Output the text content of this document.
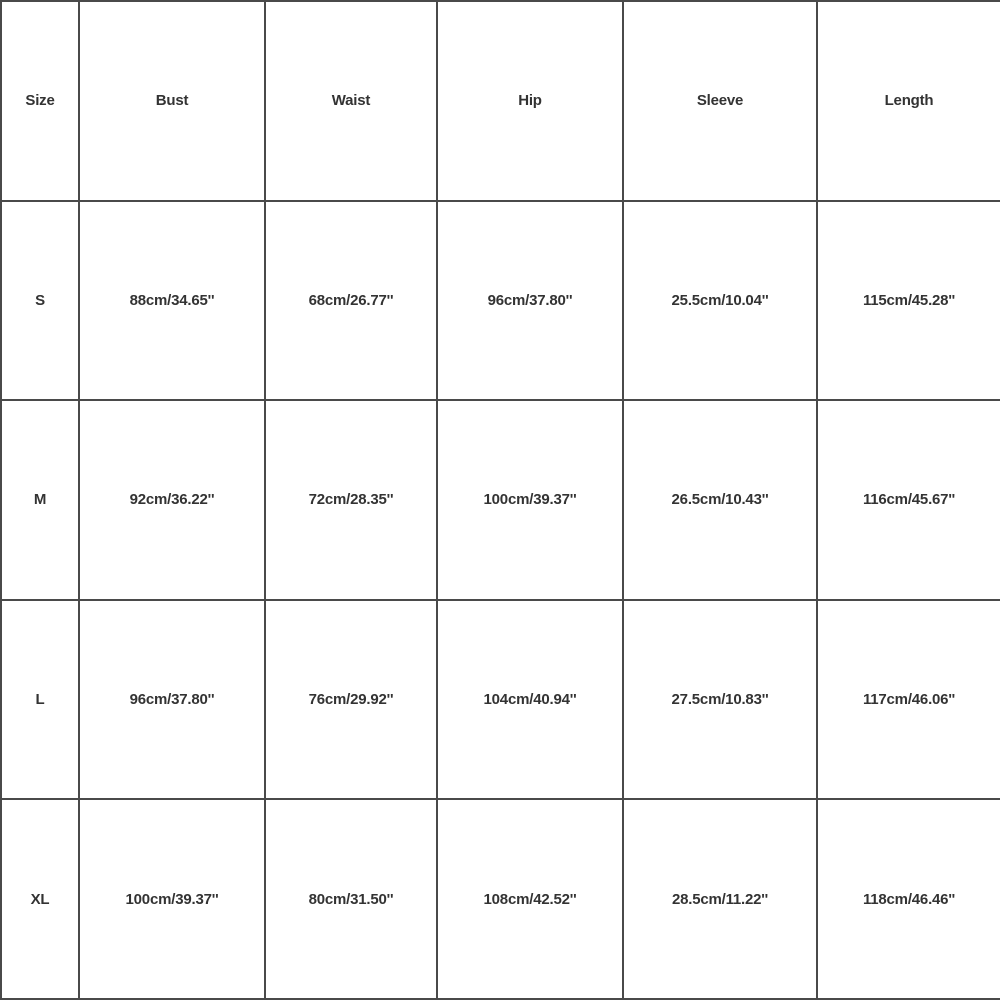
Size	Bust	Waist	Hip	Sleeve	Length
S	88cm/34.65''	68cm/26.77''	96cm/37.80''	25.5cm/10.04''	115cm/45.28''
M	92cm/36.22''	72cm/28.35''	100cm/39.37''	26.5cm/10.43''	116cm/45.67''
L	96cm/37.80''	76cm/29.92''	104cm/40.94''	27.5cm/10.83''	117cm/46.06''
XL	100cm/39.37''	80cm/31.50''	108cm/42.52''	28.5cm/11.22''	118cm/46.46''
